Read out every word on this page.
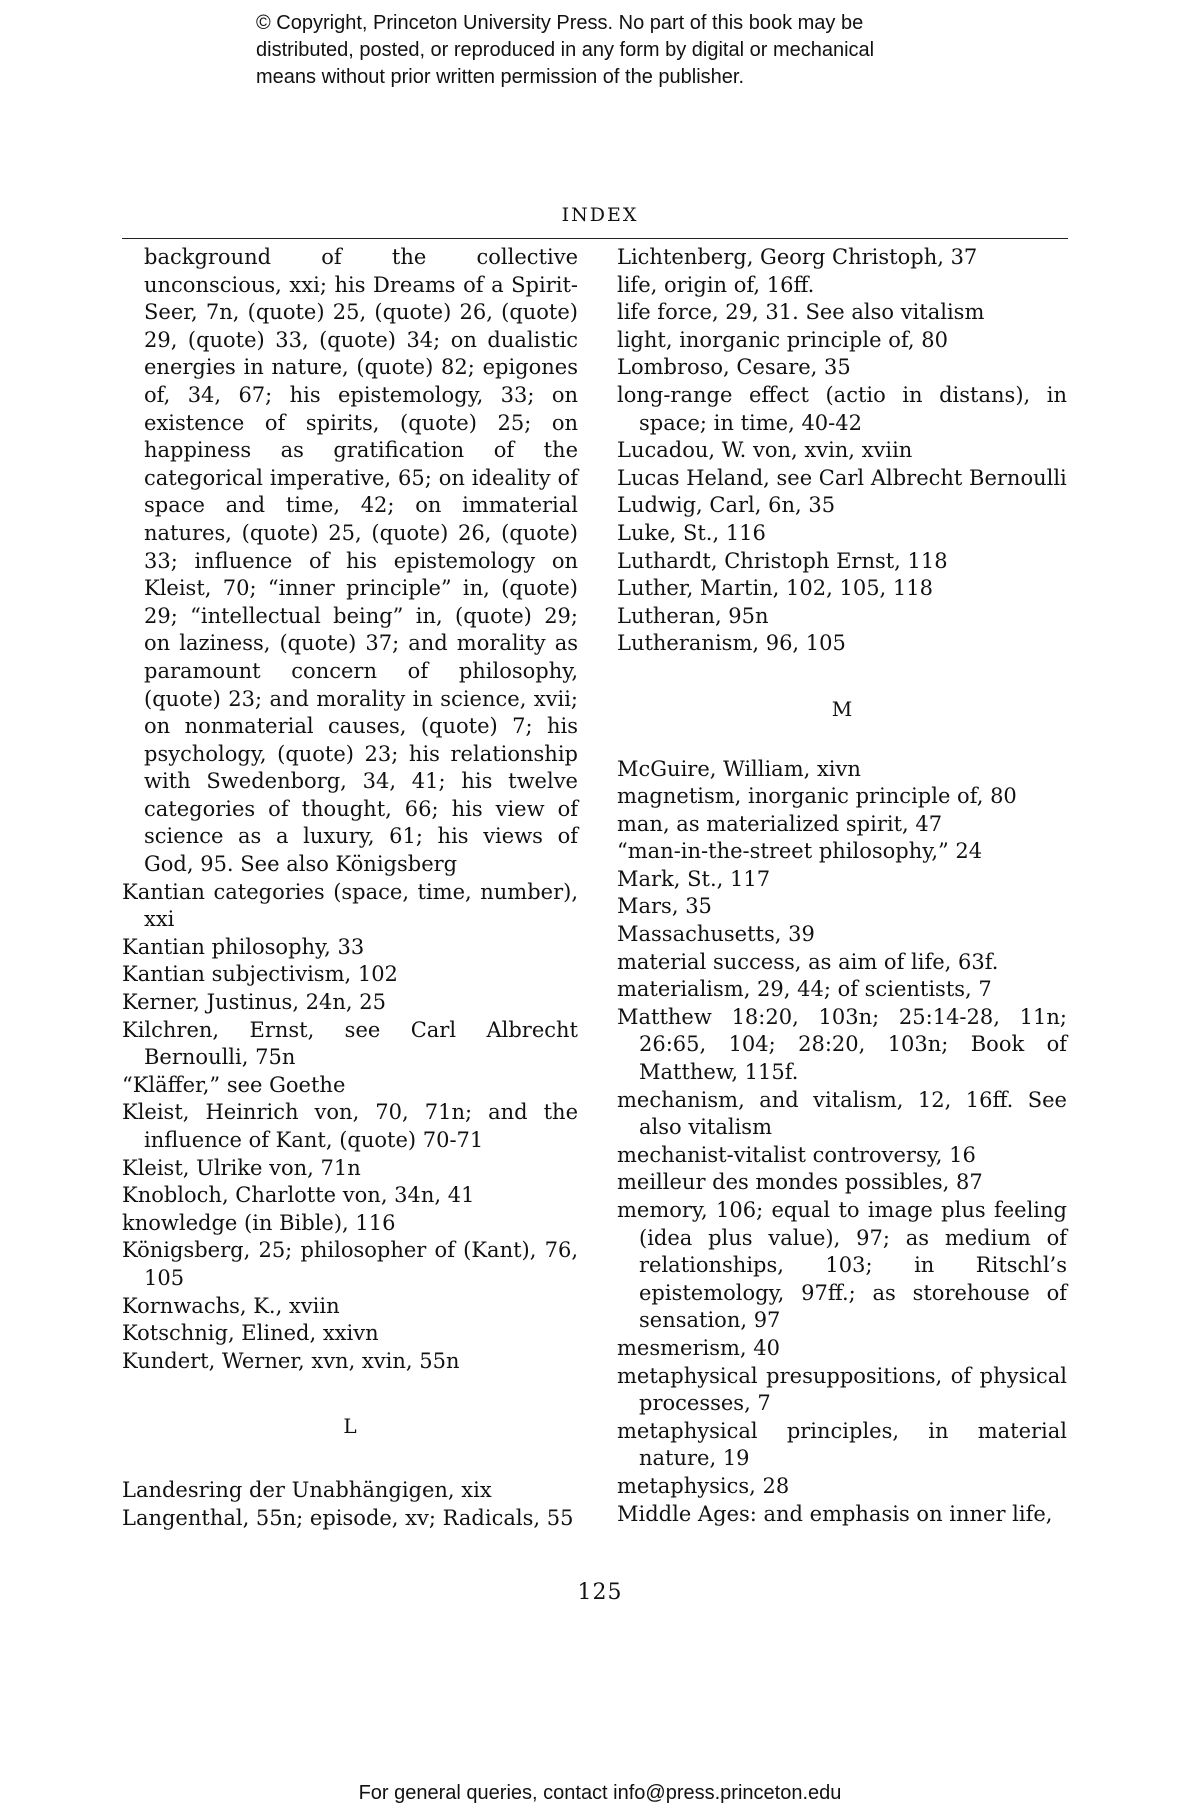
© Copyright, Princeton University Press. No part of this book may be
distributed, posted, or reproduced in any form by digital or mechanical
means without prior written permission of the publisher.
INDEX

background of the collective unconscious, xxi; his Dreams of a Spirit-Seer, 7n, (quote) 25, (quote) 26, (quote) 29, (quote) 33, (quote) 34; on dualistic energies in nature, (quote) 82; epigones of, 34, 67; his epistemology, 33; on existence of spirits, (quote) 25; on happiness as gratification of the categorical imperative, 65; on ideality of space and time, 42; on immaterial natures, (quote) 25, (quote) 26, (quote) 33; influence of his epistemology on Kleist, 70; “inner principle” in, (quote) 29; “intellectual being” in, (quote) 29; on laziness, (quote) 37; and morality as paramount concern of philosophy, (quote) 23; and morality in science, xvii; on nonmaterial causes, (quote) 7; his psychology, (quote) 23; his relationship with Swedenborg, 34, 41; his twelve categories of thought, 66; his view of science as a luxury, 61; his views of God, 95. See also Königsberg

Kantian categories (space, time, number), xxi

Kantian philosophy, 33

Kantian subjectivism, 102

Kerner, Justinus, 24n, 25

Kilchren, Ernst, see Carl Albrecht Bernoulli, 75n

“Kläffer,” see Goethe

Kleist, Heinrich von, 70, 71n; and the influence of Kant, (quote) 70-71

Kleist, Ulrike von, 71n

Knobloch, Charlotte von, 34n, 41

knowledge (in Bible), 116

Königsberg, 25; philosopher of (Kant), 76, 105

Kornwachs, K., xviin

Kotschnig, Elined, xxivn

Kundert, Werner, xvn, xvin, 55n

L

Landesring der Unabhängigen, xix

Langenthal, 55n; episode, xv; Radicals, 55

Lichtenberg, Georg Christoph, 37

life, origin of, 16ff.

life force, 29, 31. See also vitalism

light, inorganic principle of, 80

Lombroso, Cesare, 35

long-range effect (actio in distans), in space; in time, 40-42

Lucadou, W. von, xvin, xviin

Lucas Heland, see Carl Albrecht Bernoulli

Ludwig, Carl, 6n, 35

Luke, St., 116

Luthardt, Christoph Ernst, 118

Luther, Martin, 102, 105, 118

Lutheran, 95n

Lutheranism, 96, 105

M

McGuire, William, xivn

magnetism, inorganic principle of, 80

man, as materialized spirit, 47

“man-in-the-street philosophy,” 24

Mark, St., 117

Mars, 35

Massachusetts, 39

material success, as aim of life, 63f.

materialism, 29, 44; of scientists, 7

Matthew 18:20, 103n; 25:14-28, 11n; 26:65, 104; 28:20, 103n; Book of Matthew, 115f.

mechanism, and vitalism, 12, 16ff. See also vitalism

mechanist-vitalist controversy, 16

meilleur des mondes possibles, 87

memory, 106; equal to image plus feeling (idea plus value), 97; as medium of relationships, 103; in Ritschl’s epistemology, 97ff.; as storehouse of sensation, 97

mesmerism, 40

metaphysical presuppositions, of physical processes, 7

metaphysical principles, in material nature, 19

metaphysics, 28

Middle Ages: and emphasis on inner life,

125
For general queries, contact info@press.princeton.edu
